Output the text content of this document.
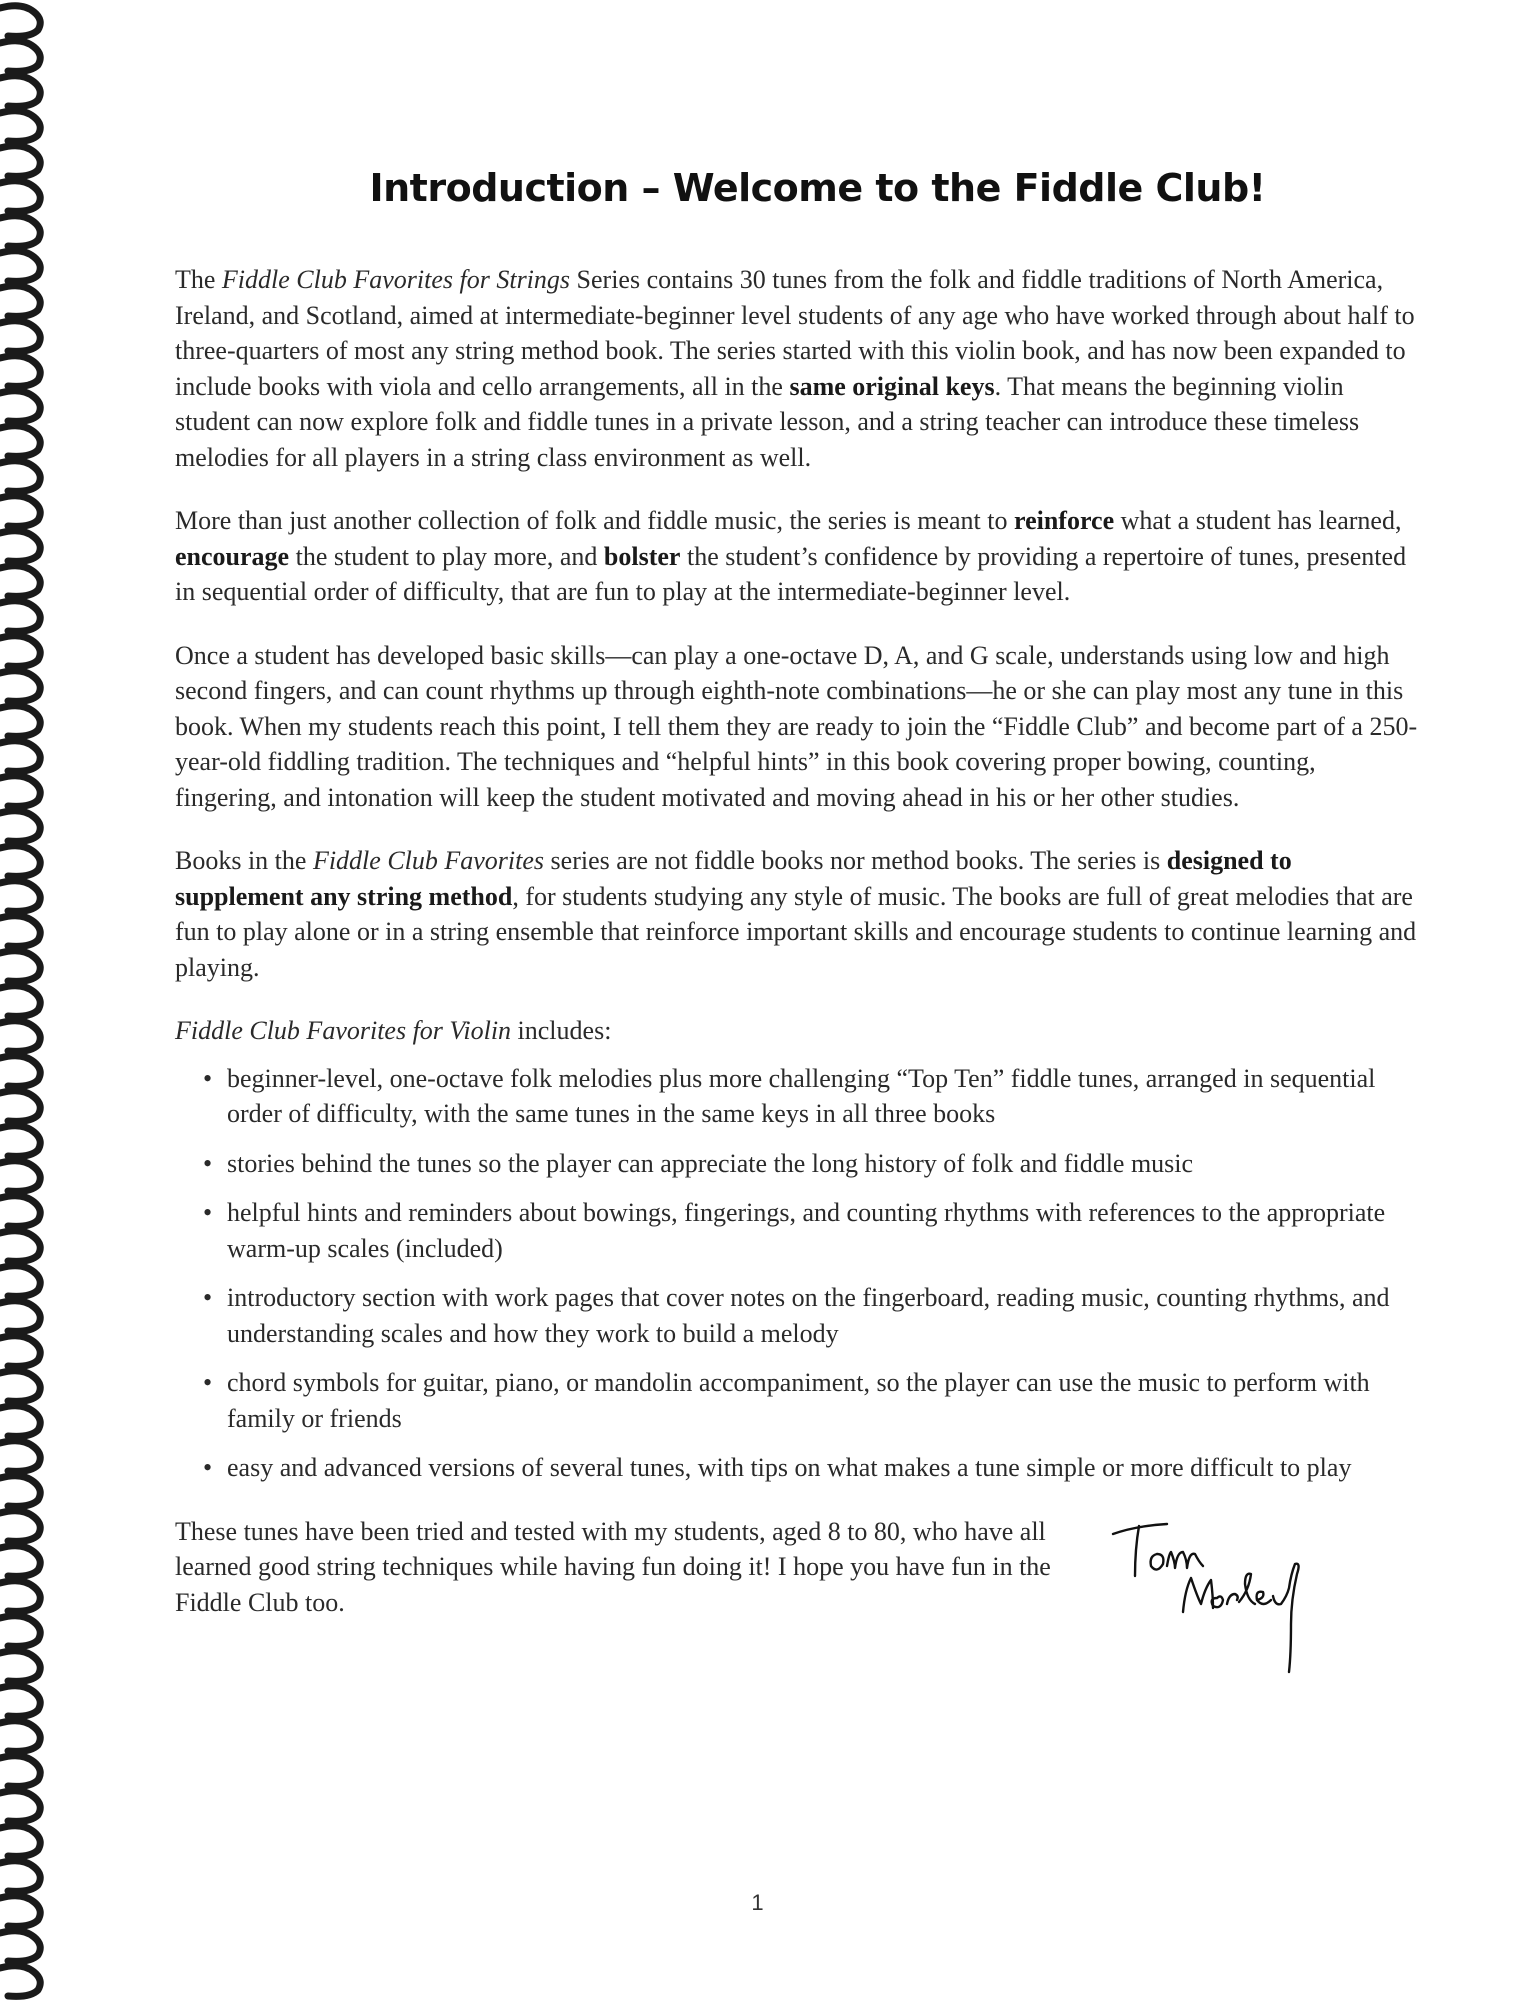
Introduction – Welcome to the Fiddle Club!

The Fiddle Club Favorites for Strings Series contains 30 tunes from the folk and fiddle traditions of North America, Ireland, and Scotland, aimed at intermediate-beginner level students of any age who have worked through about half to three-quarters of most any string method book. The series started with this violin book, and has now been expanded to include books with viola and cello arrangements, all in the same original keys. That means the beginning violin student can now explore folk and fiddle tunes in a private lesson, and a string teacher can introduce these timeless melodies for all players in a string class environment as well.

More than just another collection of folk and fiddle music, the series is meant to reinforce what a student has learned, encourage the student to play more, and bolster the student’s confidence by providing a repertoire of tunes, presented in sequential order of difficulty, that are fun to play at the intermediate-beginner level.

Once a student has developed basic skills—can play a one-octave D, A, and G scale, understands using low and high second fingers, and can count rhythms up through eighth-note combinations—he or she can play most any tune in this book. When my students reach this point, I tell them they are ready to join the “Fiddle Club” and become part of a 250-year-old fiddling tradition. The techniques and “helpful hints” in this book covering proper bowing, counting, fingering, and intonation will keep the student motivated and moving ahead in his or her other studies.

Books in the Fiddle Club Favorites series are not fiddle books nor method books. The series is designed to supplement any string method, for students studying any style of music. The books are full of great melodies that are fun to play alone or in a string ensemble that reinforce important skills and encourage students to continue learning and playing.

Fiddle Club Favorites for Violin includes:

• beginner-level, one-octave folk melodies plus more challenging “Top Ten” fiddle tunes, arranged in sequential order of difficulty, with the same tunes in the same keys in all three books
• stories behind the tunes so the player can appreciate the long history of folk and fiddle music
• helpful hints and reminders about bowings, fingerings, and counting rhythms with references to the appropriate warm-up scales (included)
• introductory section with work pages that cover notes on the fingerboard, reading music, counting rhythms, and understanding scales and how they work to build a melody
• chord symbols for guitar, piano, or mandolin accompaniment, so the player can use the music to perform with family or friends
• easy and advanced versions of several tunes, with tips on what makes a tune simple or more difficult to play

These tunes have been tried and tested with my students, aged 8 to 80, who have all learned good string techniques while having fun doing it! I hope you have fun in the Fiddle Club too.

1
